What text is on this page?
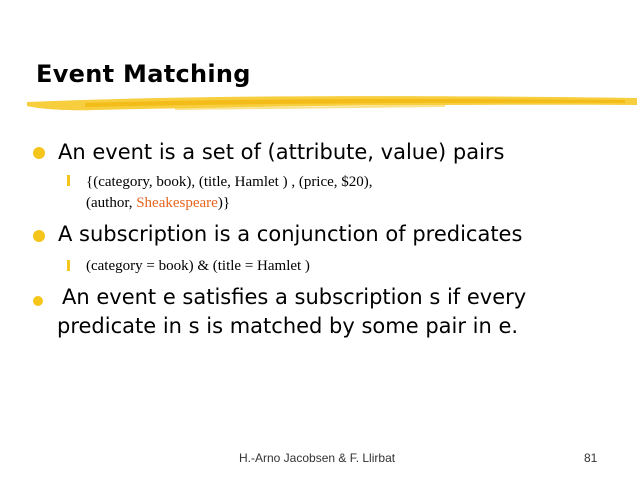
Event Matching
An event is a set of (attribute, value) pairs
{(category, book), (title, Hamlet ) , (price, $20),
(author, Sheakespeare)}
A subscription is a conjunction of predicates
(category = book) & (title = Hamlet )
An event e satisfies a subscription s if every
predicate in s is matched by some pair in e.
H.-Arno Jacobsen & F. Llirbat	81
